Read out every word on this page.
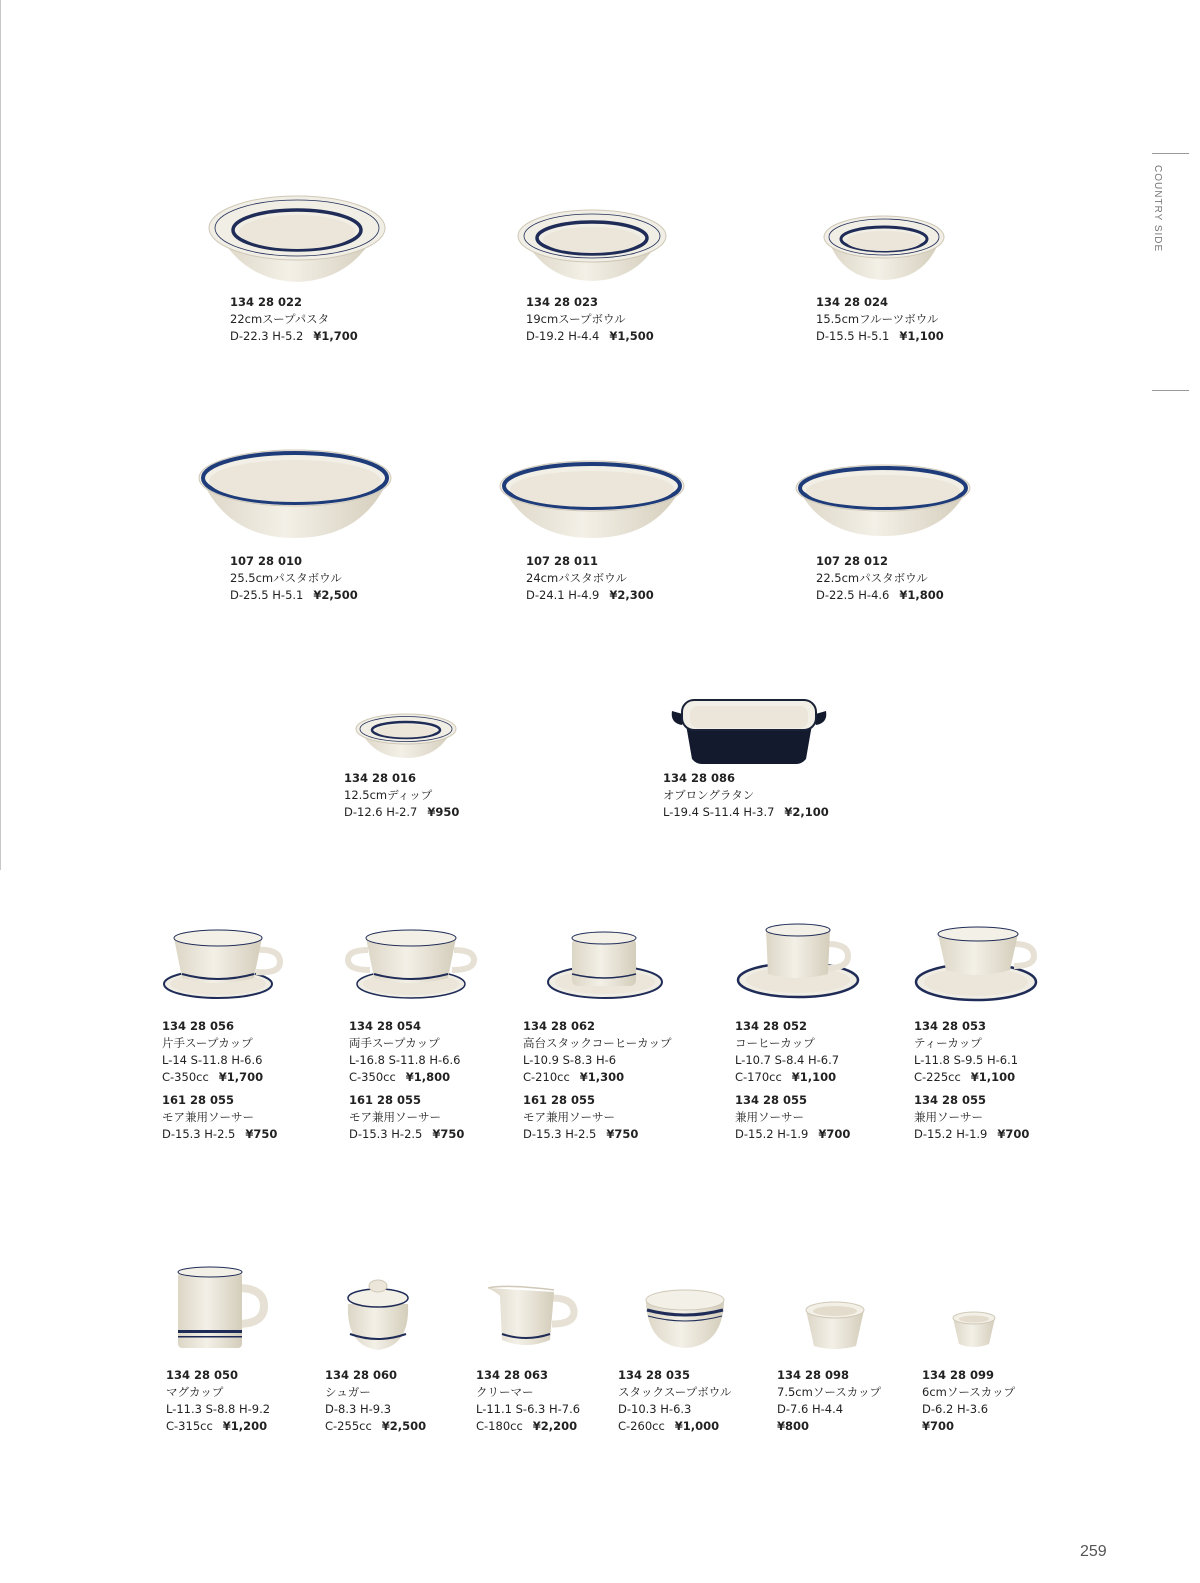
COUNTRY SIDE
134 28 022
22cmスープパスタ
D-22.3 H-5.2 ¥1,700
134 28 023
19cmスープボウル
D-19.2 H-4.4 ¥1,500
134 28 024
15.5cmフルーツボウル
D-15.5 H-5.1 ¥1,100
107 28 010
25.5cmパスタボウル
D-25.5 H-5.1 ¥2,500
107 28 011
24cmパスタボウル
D-24.1 H-4.9 ¥2,300
107 28 012
22.5cmパスタボウル
D-22.5 H-4.6 ¥1,800
134 28 016
12.5cmディップ
D-12.6 H-2.7 ¥950
134 28 086
オブロングラタン
L-19.4 S-11.4 H-3.7 ¥2,100
134 28 056
片手スープカップ
L-14 S-11.8 H-6.6
C-350cc ¥1,700
161 28 055
モア兼用ソーサー
D-15.3 H-2.5 ¥750
134 28 054
両手スープカップ
L-16.8 S-11.8 H-6.6
C-350cc ¥1,800
161 28 055
モア兼用ソーサー
D-15.3 H-2.5 ¥750
134 28 062
高台スタックコーヒーカップ
L-10.9 S-8.3 H-6
C-210cc ¥1,300
161 28 055
モア兼用ソーサー
D-15.3 H-2.5 ¥750
134 28 052
コーヒーカップ
L-10.7 S-8.4 H-6.7
C-170cc ¥1,100
134 28 055
兼用ソーサー
D-15.2 H-1.9 ¥700
134 28 053
ティーカップ
L-11.8 S-9.5 H-6.1
C-225cc ¥1,100
134 28 055
兼用ソーサー
D-15.2 H-1.9 ¥700
134 28 050
マグカップ
L-11.3 S-8.8 H-9.2
C-315cc ¥1,200
134 28 060
シュガー
D-8.3 H-9.3
C-255cc ¥2,500
134 28 063
クリーマー
L-11.1 S-6.3 H-7.6
C-180cc ¥2,200
134 28 035
スタックスープボウル
D-10.3 H-6.3
C-260cc ¥1,000
134 28 098
7.5cmソースカップ
D-7.6 H-4.4
¥800
134 28 099
6cmソースカップ
D-6.2 H-3.6
¥700
259
